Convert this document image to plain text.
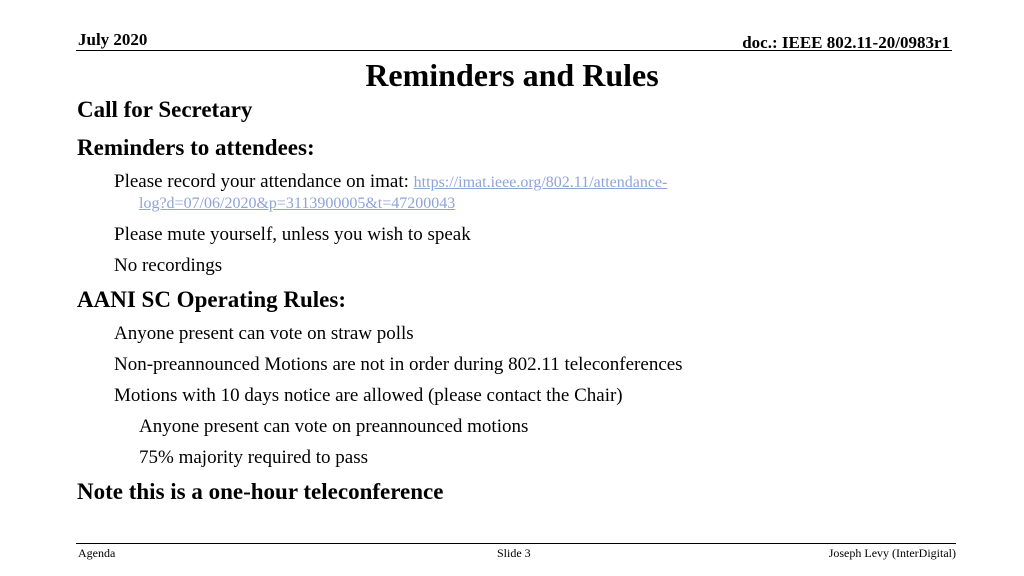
July 2020	doc.: IEEE 802.11-20/0983r1
Reminders and Rules
Call for Secretary
Reminders to attendees:
Please record your attendance on imat: https://imat.ieee.org/802.11/attendance-
log?d=07/06/2020&p=3113900005&t=47200043
Please mute yourself, unless you wish to speak
No recordings
AANI SC Operating Rules:
Anyone present can vote on straw polls
Non-preannounced Motions are not in order during 802.11 teleconferences
Motions with 10 days notice are allowed (please contact the Chair)
Anyone present can vote on preannounced motions
75% majority required to pass
Note this is a one-hour teleconference
Agenda	Slide 3	Joseph Levy (InterDigital)
